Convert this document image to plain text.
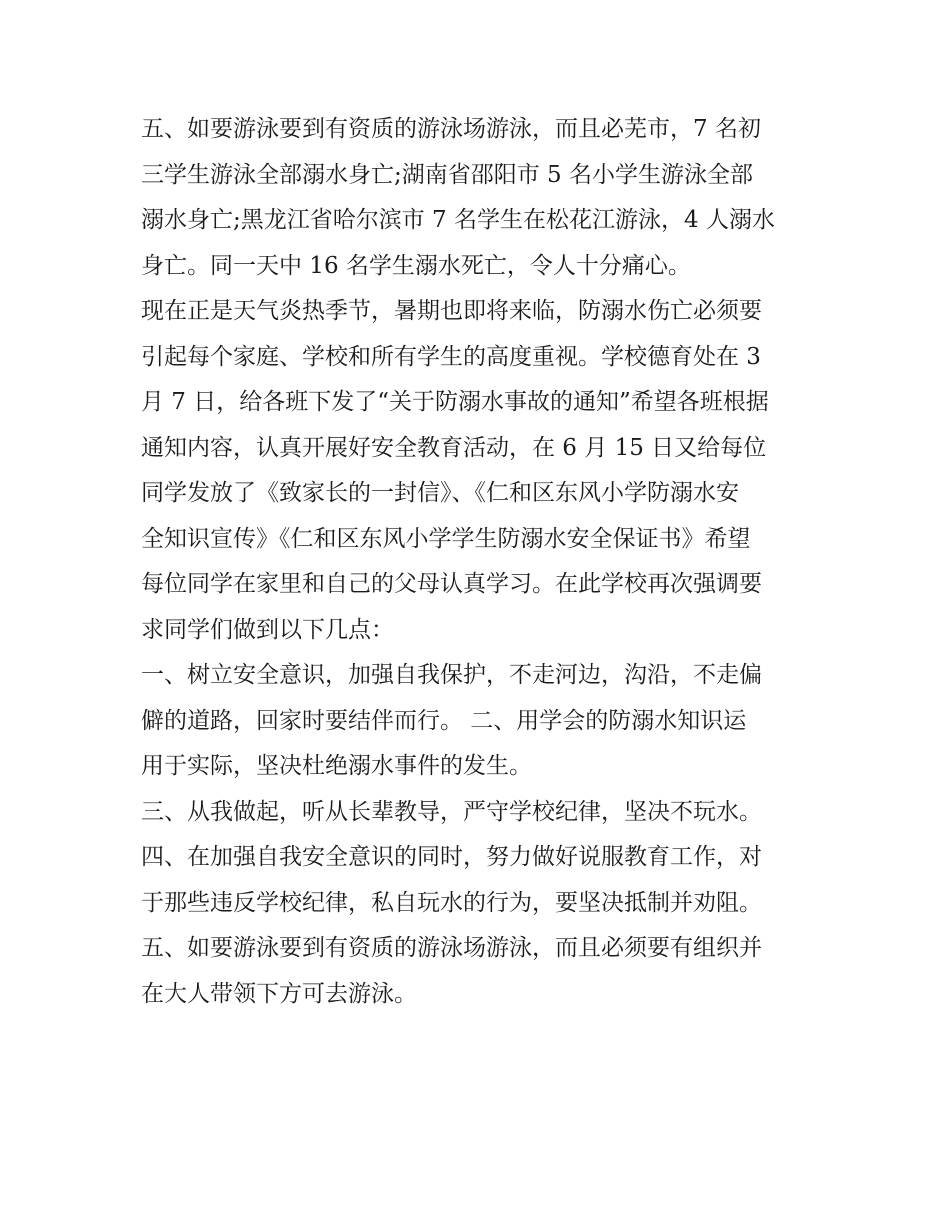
五、如要游泳要到有资质的游泳场游泳，而且必芜市，7 名初
三学生游泳全部溺水身亡;湖南省邵阳市 5 名小学生游泳全部
溺水身亡;黑龙江省哈尔滨市 7 名学生在松花江游泳，4 人溺水
身亡。同一天中 16 名学生溺水死亡，令人十分痛心。
现在正是天气炎热季节，暑期也即将来临，防溺水伤亡必须要
引起每个家庭、学校和所有学生的高度重视。学校德育处在 3
月 7 日，给各班下发了“关于防溺水事故的通知”希望各班根据
通知内容，认真开展好安全教育活动，在 6 月 15 日又给每位
同学发放了《致家长的一封信》、《仁和区东风小学防溺水安
全知识宣传》《仁和区东风小学学生防溺水安全保证书》希望
每位同学在家里和自己的父母认真学习。在此学校再次强调要
求同学们做到以下几点：
一、树立安全意识，加强自我保护，不走河边，沟沿，不走偏
僻的道路，回家时要结伴而行。 二、用学会的防溺水知识运
用于实际，坚决杜绝溺水事件的发生。
三、从我做起，听从长辈教导，严守学校纪律，坚决不玩水。
四、在加强自我安全意识的同时，努力做好说服教育工作，对
于那些违反学校纪律，私自玩水的行为，要坚决抵制并劝阻。
五、如要游泳要到有资质的游泳场游泳，而且必须要有组织并
在大人带领下方可去游泳。
